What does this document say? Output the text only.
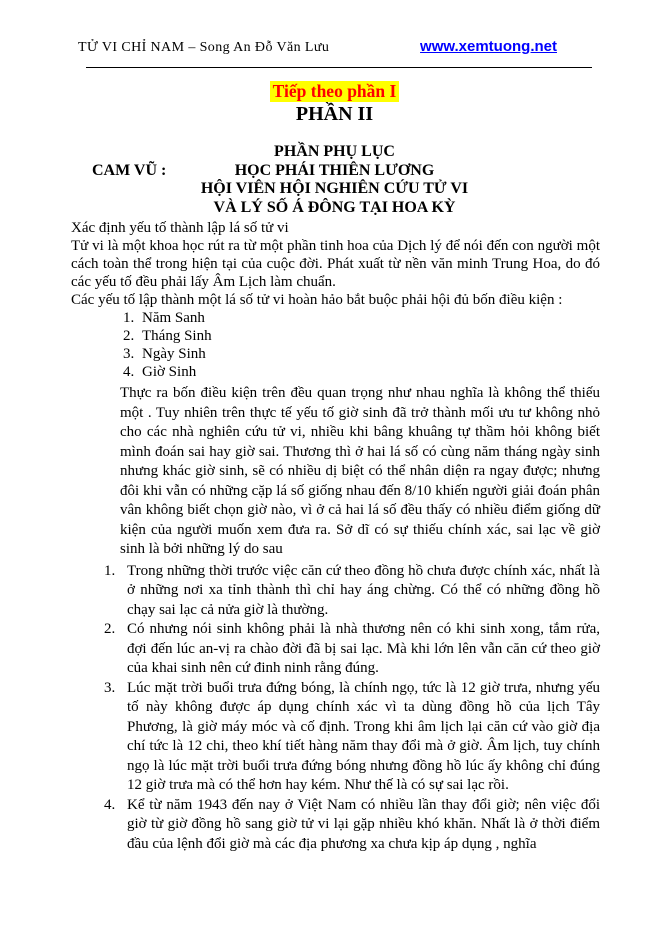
TỬ VI CHỈ NAM – Song An Đỗ Văn Lưu	www.xemtuong.net
Tiếp theo phần I
PHẦN II
PHẦN PHỤ LỤC
CAM VŨ :	HỌC PHÁI THIÊN LƯƠNG
HỘI VIÊN HỘI NGHIÊN CỨU TỬ VI
VÀ LÝ SỐ Á ĐÔNG TẠI HOA KỲ
Xác định yếu tố thành lập lá số tử vi
Tử vi là một khoa học rút ra từ một phần tinh hoa của Dịch lý để nói đến con người một cách toàn thể trong hiện tại của cuộc đời. Phát xuất từ nền văn minh Trung Hoa, do đó các yếu tố đều phải lấy Âm Lịch làm chuẩn.
Các yếu tố lập thành một lá số tử vi hoàn hảo bắt buộc phải hội đủ bốn điều kiện :
Năm Sanh
Tháng Sinh
Ngày Sinh
Giờ Sinh
Thực ra bốn điều kiện trên đều quan trọng như nhau nghĩa là không thể thiếu một . Tuy nhiên trên thực tế yếu tố giờ sinh đã trở thành mối ưu tư không nhỏ cho các nhà nghiên cứu tử vi, nhiều khi bâng khuâng tự thầm hỏi không biết mình đoán sai hay giờ sai. Thương thì ở hai lá số có cùng năm tháng ngày sinh nhưng khác giờ sinh, sẽ có nhiều dị biệt có thể nhân diện ra ngay được; nhưng đôi khi vẫn có những cặp lá số giống nhau đến 8/10 khiến người giải đoán phân vân không biết chọn giờ nào, vì ở cả hai lá số đều thấy có nhiều điểm giống dữ kiện của người muốn xem đưa ra. Sở dĩ có sự thiếu chính xác, sai lạc về giờ sinh là bởi những lý do sau
Trong những thời trước việc căn cứ theo đồng hồ chưa được chính xác, nhất là ở những nơi xa tỉnh thành thì chỉ hay áng chừng. Có thể có những đồng hồ chạy sai lạc cả nửa giờ là thường.
Có nhưng nói sinh không phải là nhà thương nên có khi sinh xong, tắm rửa, đợi đến lúc an-vị ra chào đời đã bị sai lạc. Mà khi lớn lên vẫn căn cứ theo giờ của khai sinh nên cứ đinh ninh rằng đúng.
Lúc mặt trời buổi trưa đứng bóng, là chính ngọ, tức là 12 giờ trưa, nhưng yếu tố này không được áp dụng chính xác vì ta dùng đồng hồ của lịch Tây Phương, là giờ máy móc và cố định. Trong khi âm lịch lại căn cứ vào giờ địa chí tức là 12 chi, theo khí tiết hàng năm thay đổi mà ở giờ. Âm lịch, tuy chính ngọ là lúc mặt trời buổi trưa đứng bóng nhưng đồng hồ lúc ấy không chỉ đúng 12 giờ trưa mà có thể hơn hay kém. Như thế là có sự sai lạc rồi.
Kể từ năm 1943 đến nay ở Việt Nam có nhiều lần thay đổi giờ; nên việc đổi giờ từ giờ đồng hồ sang giờ tử vi lại gặp nhiều khó khăn. Nhất là ở thời điểm đầu của lệnh đổi giờ mà các địa phương xa chưa kịp áp dụng , nghĩa
